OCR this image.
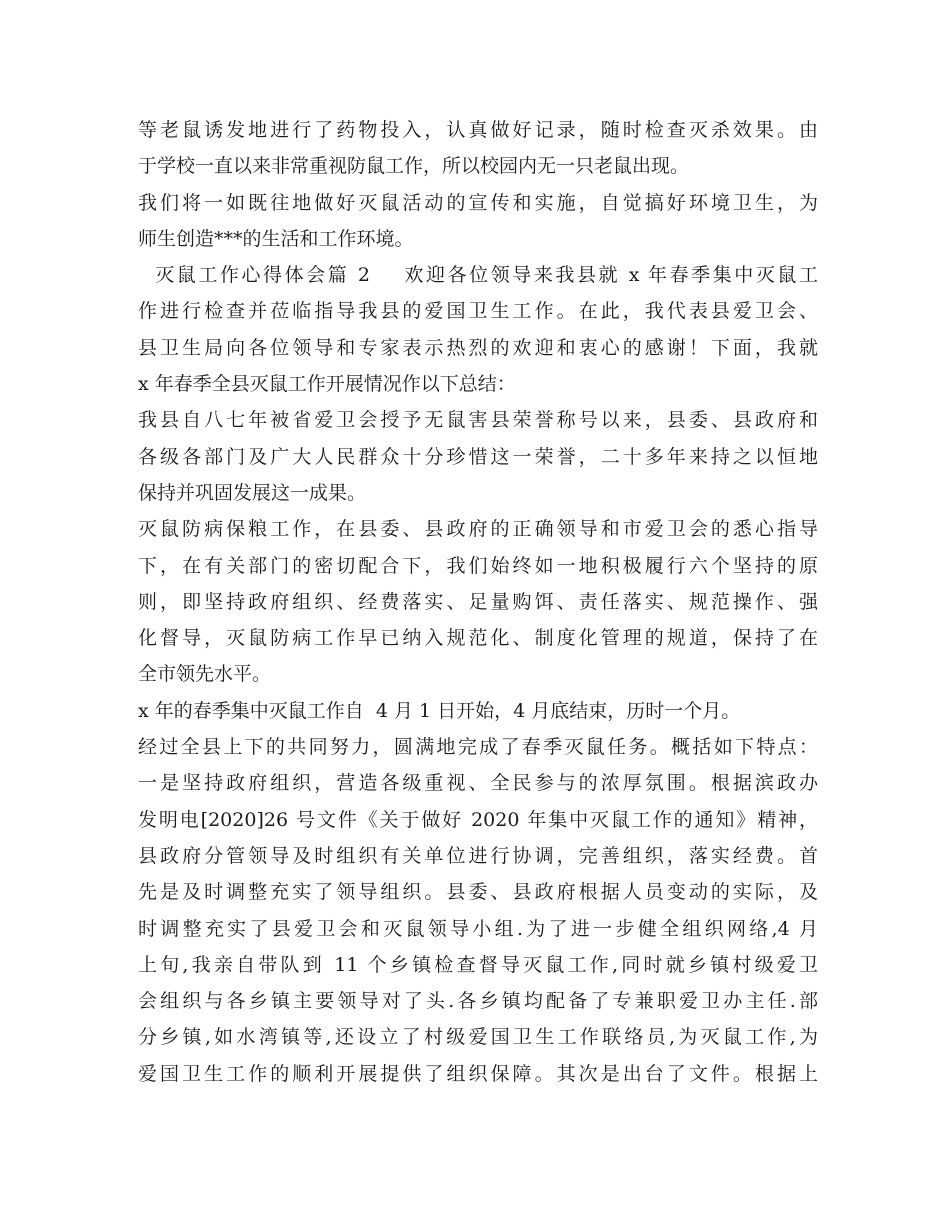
等老鼠诱发地进行了药物投入，认真做好记录，随时检查灭杀效果。由
于学校一直以来非常重视防鼠工作，所以校园内无一只老鼠出现。
我们将一如既往地做好灭鼠活动的宣传和实施，自觉搞好环境卫生，为
师生创造***的生活和工作环境。
灭鼠工作心得体会篇 2    欢迎各位领导来我县就 x 年春季集中灭鼠工
作进行检查并莅临指导我县的爱国卫生工作。在此，我代表县爱卫会、
县卫生局向各位领导和专家表示热烈的欢迎和衷心的感谢！下面，我就
x 年春季全县灭鼠工作开展情况作以下总结：
我县自八七年被省爱卫会授予无鼠害县荣誉称号以来，县委、县政府和
各级各部门及广大人民群众十分珍惜这一荣誉，二十多年来持之以恒地
保持并巩固发展这一成果。
灭鼠防病保粮工作，在县委、县政府的正确领导和市爱卫会的悉心指导
下，在有关部门的密切配合下，我们始终如一地积极履行六个坚持的原
则，即坚持政府组织、经费落实、足量购饵、责任落实、规范操作、强
化督导，灭鼠防病工作早已纳入规范化、制度化管理的规道，保持了在
全市领先水平。
x 年的春季集中灭鼠工作自  4 月 1 日开始，4 月底结束，历时一个月。
经过全县上下的共同努力，圆满地完成了春季灭鼠任务。概括如下特点：
一是坚持政府组织，营造各级重视、全民参与的浓厚氛围。根据滨政办
发明电[2020]26 号文件《关于做好 2020 年集中灭鼠工作的通知》精神，
县政府分管领导及时组织有关单位进行协调，完善组织，落实经费。首
先是及时调整充实了领导组织。县委、县政府根据人员变动的实际，及
时调整充实了县爱卫会和灭鼠领导小组.为了进一步健全组织网络,4 月
上旬,我亲自带队到 11 个乡镇检查督导灭鼠工作,同时就乡镇村级爱卫
会组织与各乡镇主要领导对了头.各乡镇均配备了专兼职爱卫办主任.部
分乡镇,如水湾镇等,还设立了村级爱国卫生工作联络员,为灭鼠工作,为
爱国卫生工作的顺利开展提供了组织保障。其次是出台了文件。根据上
